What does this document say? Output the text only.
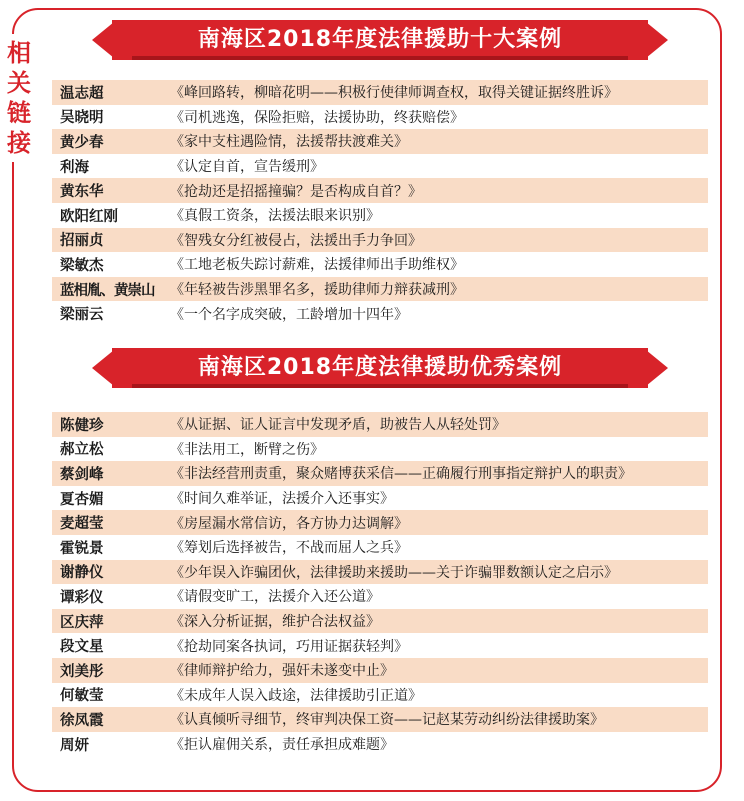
相
关
链
接
南海区2018年度法律援助十大案例
温志超	《峰回路转，柳暗花明——积极行使律师调查权，取得关键证据终胜诉》
吴晓明	《司机逃逸，保险拒赔，法援协助，终获赔偿》
黄少春	《家中支柱遇险情，法援帮扶渡难关》
利海	《认定自首，宣告缓刑》
黄东华	《抢劫还是招摇撞骗？是否构成自首？》
欧阳红刚	《真假工资条，法援法眼来识别》
招丽贞	《智残女分红被侵占，法援出手力争回》
梁敏杰	《工地老板失踪讨薪难，法援律师出手助维权》
蓝相胤、黄崇山	《年轻被告涉黑罪名多，援助律师力辩获减刑》
梁丽云	《一个名字成突破，工龄增加十四年》
南海区2018年度法律援助优秀案例
陈健珍	《从证据、证人证言中发现矛盾，助被告人从轻处罚》
郝立松	《非法用工，断臂之伤》
蔡剑峰	《非法经营刑责重，聚众赌博获采信——正确履行刑事指定辩护人的职责》
夏杏媚	《时间久难举证，法援介入还事实》
麦超莹	《房屋漏水常信访，各方协力达调解》
霍锐景	《筹划后选择被告，不战而屈人之兵》
谢静仪	《少年误入诈骗团伙，法律援助来援助——关于诈骗罪数额认定之启示》
谭彩仪	《请假变旷工，法援介入还公道》
区庆萍	《深入分析证据，维护合法权益》
段文星	《抢劫同案各执词，巧用证据获轻判》
刘美彤	《律师辩护给力，强奸未遂变中止》
何敏莹	《未成年人误入歧途，法律援助引正道》
徐凤霞	《认真倾听寻细节，终审判决保工资——记赵某劳动纠纷法律援助案》
周妍	《拒认雇佣关系，责任承担成难题》
